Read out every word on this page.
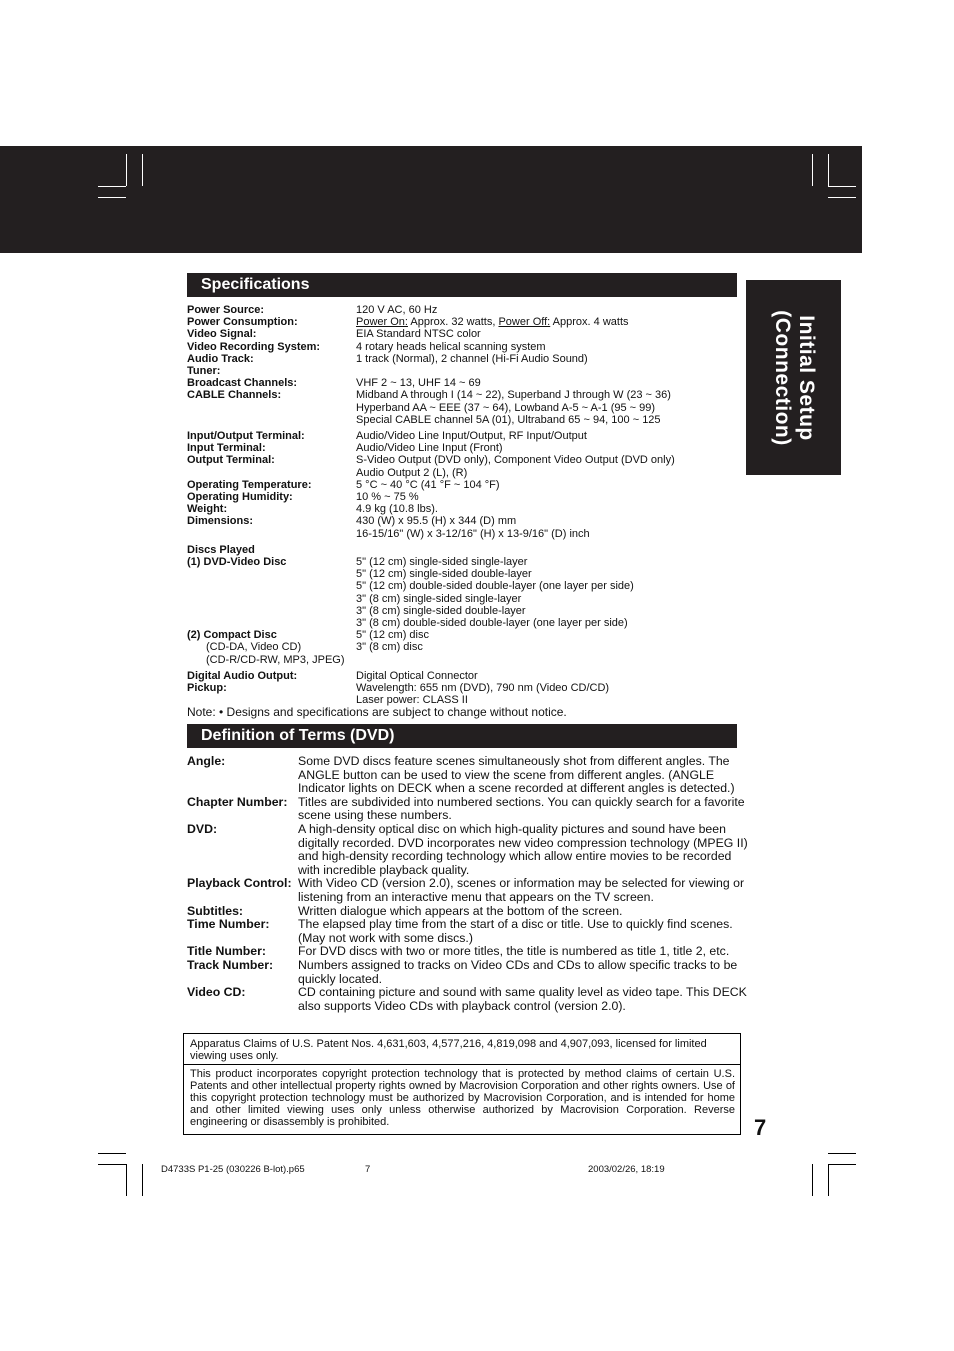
Initial Setup
(Connection)
Specifications
Power Source:	120 V AC, 60 Hz
Power Consumption:	Power On: Approx. 32 watts, Power Off: Approx. 4 watts
Video Signal:	EIA Standard NTSC color
Video Recording System:	4 rotary heads helical scanning system
Audio Track:	1 track (Normal), 2 channel (Hi-Fi Audio Sound)
Tuner:

Broadcast Channels:	VHF 2 ~ 13, UHF 14 ~ 69
CABLE Channels:	Midband A through I (14 ~ 22), Superband J through W (23 ~ 36)
Hyperband AA ~ EEE (37 ~ 64), Lowband A-5 ~ A-1 (95 ~ 99)
Special CABLE channel 5A (01), Ultraband 65 ~ 94, 100 ~ 125
Input/Output Terminal:	Audio/Video Line Input/Output, RF Input/Output
Input Terminal:	Audio/Video Line Input (Front)
Output Terminal:	S-Video Output (DVD only), Component Video Output (DVD only)
Audio Output 2 (L), (R)
Operating Temperature:	5 °C ~ 40 °C (41 °F ~ 104 °F)
Operating Humidity:	10 % ~ 75 %
Weight:	4.9 kg (10.8 lbs).
Dimensions:	430 (W) x 95.5 (H) x 344 (D) mm
16-15/16" (W) x 3-12/16" (H) x 13-9/16" (D) inch
Discs Played

(1) DVD-Video Disc	5" (12 cm) single-sided single-layer
5" (12 cm) single-sided double-layer
5" (12 cm) double-sided double-layer (one layer per side)
3" (8 cm) single-sided single-layer
3" (8 cm) single-sided double-layer
3" (8 cm) double-sided double-layer (one layer per side)
(2) Compact Disc	5" (12 cm) disc
(CD-DA, Video CD)	3" (8 cm) disc
(CD-R/CD-RW, MP3, JPEG)

Digital Audio Output:	Digital Optical Connector
Pickup:	Wavelength: 655 nm (DVD), 790 nm (Video CD/CD)
Laser power: CLASS II
Note: • Designs and specifications are subject to change without notice.
Definition of Terms (DVD)
Angle:	Some DVD discs feature scenes simultaneously shot from different angles. The ANGLE button can be used to view the scene from different angles. (ANGLE Indicator lights on DECK when a scene recorded at different angles is detected.)
Chapter Number: Titles are subdivided into numbered sections. You can quickly search for a favorite scene using these numbers.
DVD:	A high-density optical disc on which high-quality pictures and sound have been digitally recorded. DVD incorporates new video compression technology (MPEG II) and high-density recording technology which allow entire movies to be recorded with incredible playback quality.
Playback Control: With Video CD (version 2.0), scenes or information may be selected for viewing or listening from an interactive menu that appears on the TV screen.
Subtitles:	Written dialogue which appears at the bottom of the screen.
Time Number:	The elapsed play time from the start of a disc or title. Use to quickly find scenes. (May not work with some discs.)
Title Number:	For DVD discs with two or more titles, the title is numbered as title 1, title 2, etc.
Track Number:	Numbers assigned to tracks on Video CDs and CDs to allow specific tracks to be quickly located.
Video CD:	CD containing picture and sound with same quality level as video tape. This DECK also supports Video CDs with playback control (version 2.0).
Apparatus Claims of U.S. Patent Nos. 4,631,603, 4,577,216, 4,819,098 and 4,907,093, licensed for limited viewing uses only.
This product incorporates copyright protection technology that is protected by method claims of certain U.S. Patents and other intellectual property rights owned by Macrovision Corporation and other rights owners. Use of this copyright protection technology must be authorized by Macrovision Corporation, and is intended for home and other limited viewing uses only unless otherwise authorized by Macrovision Corporation. Reverse engineering or disassembly is prohibited.	7
D4733S P1-25 (030226 B-lot).p65	7	2003/02/26, 18:19
